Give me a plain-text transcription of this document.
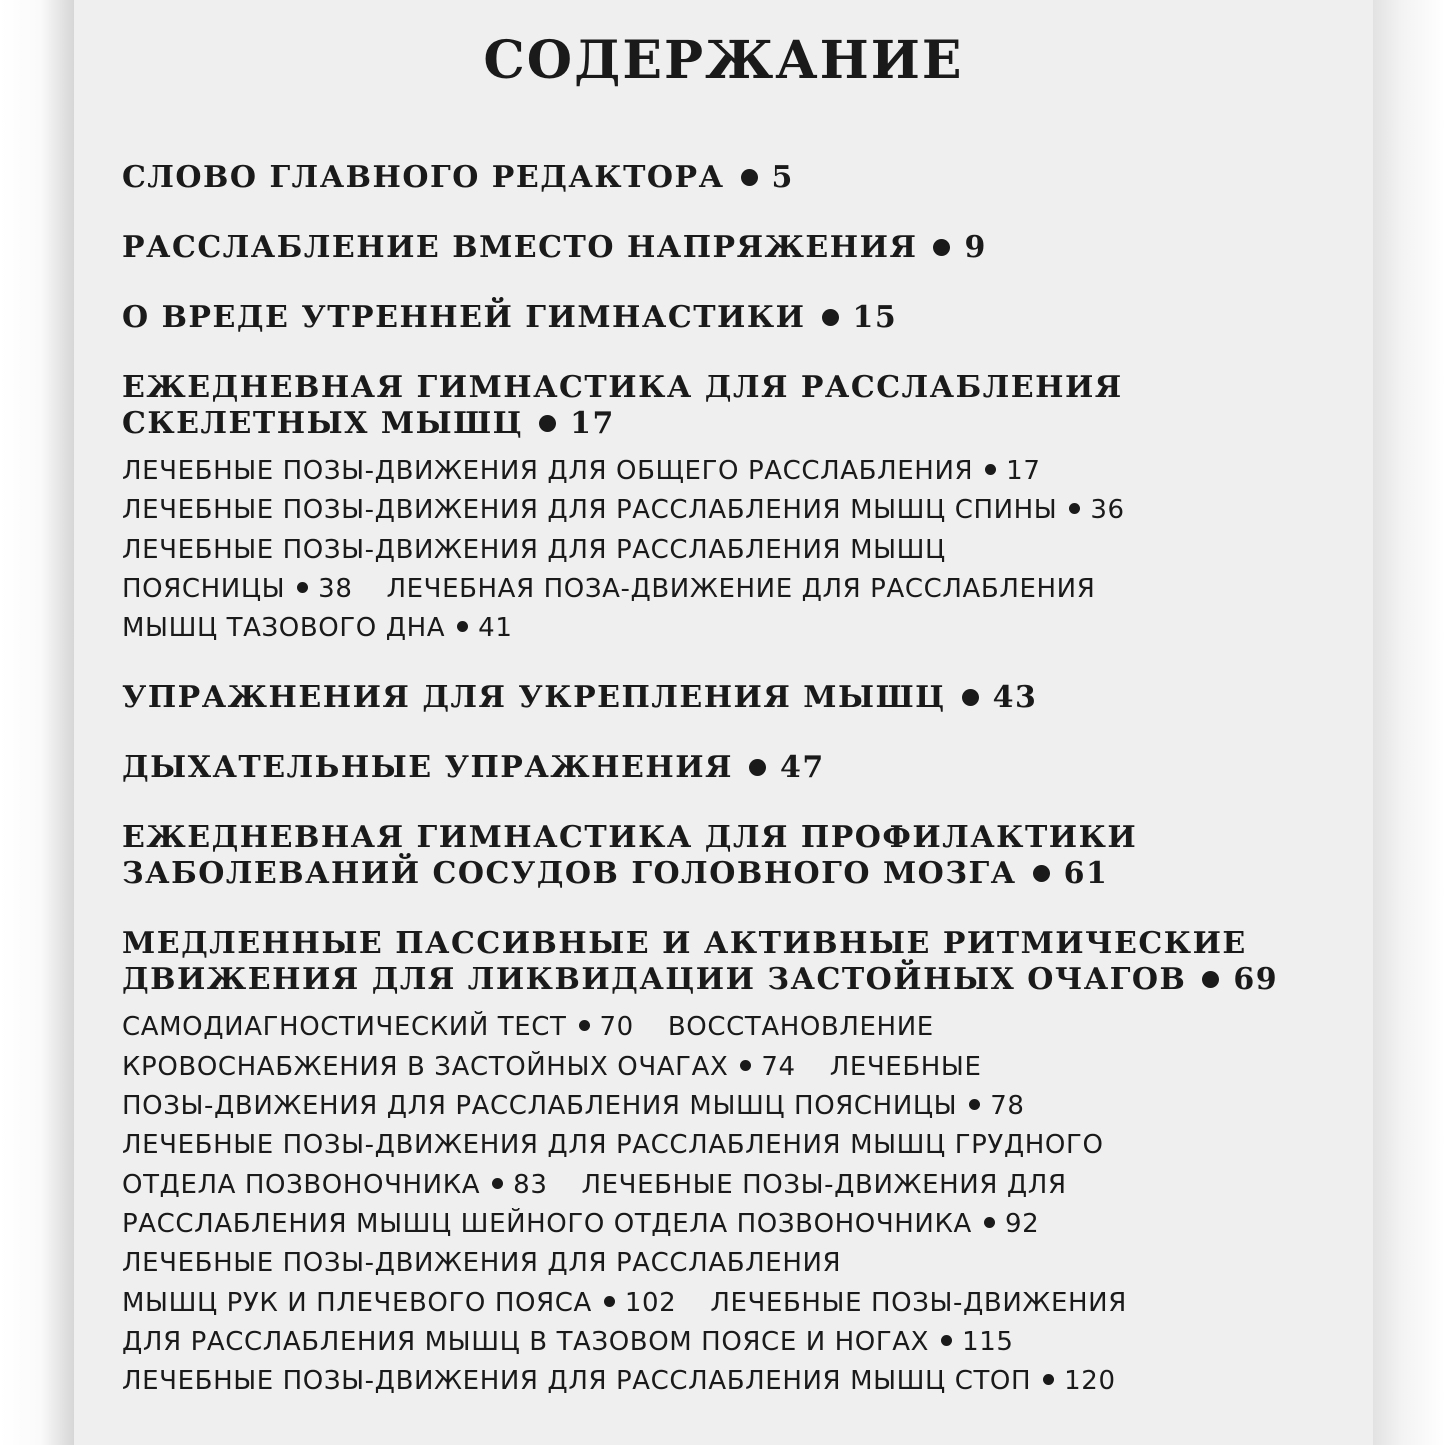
СОДЕРЖАНИЕ
СЛОВО ГЛАВНОГО РЕДАКТОРА 5
РАССЛАБЛЕНИЕ ВМЕСТО НАПРЯЖЕНИЯ 9
О ВРЕДЕ УТРЕННЕЙ ГИМНАСТИКИ 15
ЕЖЕДНЕВНАЯ ГИМНАСТИКА ДЛЯ РАССЛАБЛЕНИЯ
СКЕЛЕТНЫХ МЫШЦ 17
ЛЕЧЕБНЫЕ ПОЗЫ-ДВИЖЕНИЯ ДЛЯ ОБЩЕГО РАССЛАБЛЕНИЯ 17
ЛЕЧЕБНЫЕ ПОЗЫ-ДВИЖЕНИЯ ДЛЯ РАССЛАБЛЕНИЯ МЫШЦ СПИНЫ 36
ЛЕЧЕБНЫЕ ПОЗЫ-ДВИЖЕНИЯ ДЛЯ РАССЛАБЛЕНИЯ МЫШЦ
ПОЯСНИЦЫ 38 ЛЕЧЕБНАЯ ПОЗА-ДВИЖЕНИЕ ДЛЯ РАССЛАБЛЕНИЯ
МЫШЦ ТАЗОВОГО ДНА 41
УПРАЖНЕНИЯ ДЛЯ УКРЕПЛЕНИЯ МЫШЦ 43
ДЫХАТЕЛЬНЫЕ УПРАЖНЕНИЯ 47
ЕЖЕДНЕВНАЯ ГИМНАСТИКА ДЛЯ ПРОФИЛАКТИКИ
ЗАБОЛЕВАНИЙ СОСУДОВ ГОЛОВНОГО МОЗГА 61
МЕДЛЕННЫЕ ПАССИВНЫЕ И АКТИВНЫЕ РИТМИЧЕСКИЕ
ДВИЖЕНИЯ ДЛЯ ЛИКВИДАЦИИ ЗАСТОЙНЫХ ОЧАГОВ 69
САМОДИАГНОСТИЧЕСКИЙ ТЕСТ 70 ВОССТАНОВЛЕНИЕ
КРОВОСНАБЖЕНИЯ В ЗАСТОЙНЫХ ОЧАГАХ 74 ЛЕЧЕБНЫЕ
ПОЗЫ-ДВИЖЕНИЯ ДЛЯ РАССЛАБЛЕНИЯ МЫШЦ ПОЯСНИЦЫ 78
ЛЕЧЕБНЫЕ ПОЗЫ-ДВИЖЕНИЯ ДЛЯ РАССЛАБЛЕНИЯ МЫШЦ ГРУДНОГО
ОТДЕЛА ПОЗВОНОЧНИКА 83 ЛЕЧЕБНЫЕ ПОЗЫ-ДВИЖЕНИЯ ДЛЯ
РАССЛАБЛЕНИЯ МЫШЦ ШЕЙНОГО ОТДЕЛА ПОЗВОНОЧНИКА 92
ЛЕЧЕБНЫЕ ПОЗЫ-ДВИЖЕНИЯ ДЛЯ РАССЛАБЛЕНИЯ
МЫШЦ РУК И ПЛЕЧЕВОГО ПОЯСА 102 ЛЕЧЕБНЫЕ ПОЗЫ-ДВИЖЕНИЯ
ДЛЯ РАССЛАБЛЕНИЯ МЫШЦ В ТАЗОВОМ ПОЯСЕ И НОГАХ 115
ЛЕЧЕБНЫЕ ПОЗЫ-ДВИЖЕНИЯ ДЛЯ РАССЛАБЛЕНИЯ МЫШЦ СТОП 120
